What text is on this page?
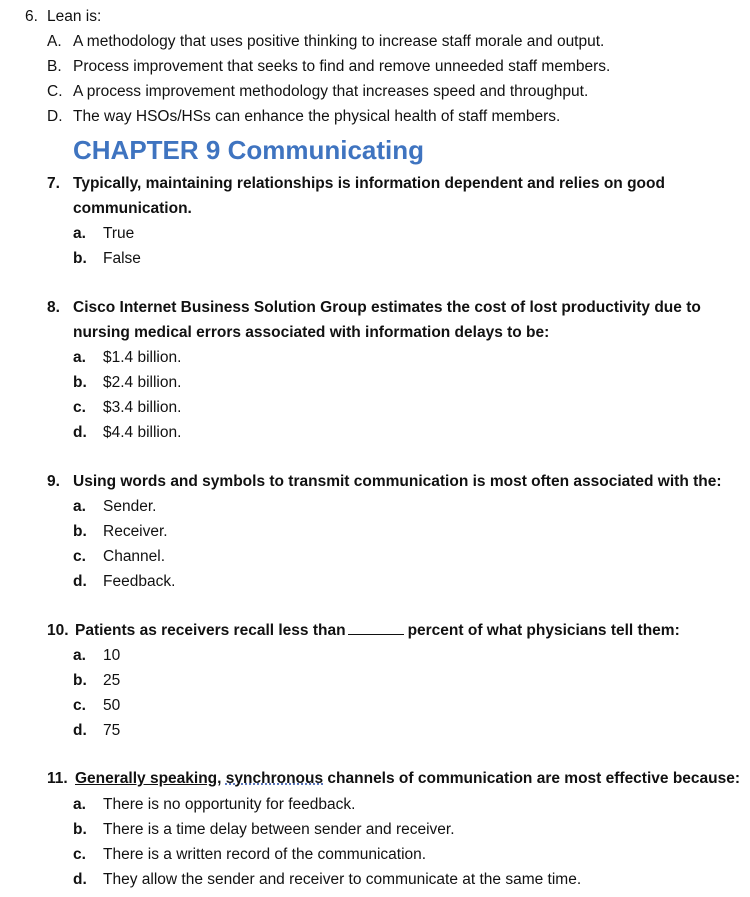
6. Lean is:
A. A methodology that uses positive thinking to increase staff morale and output.
B. Process improvement that seeks to find and remove unneeded staff members.
C. A process improvement methodology that increases speed and throughput.
D. The way HSOs/HSs can enhance the physical health of staff members.
CHAPTER 9 Communicating
7. Typically, maintaining relationships is information dependent and relies on good
communication.
a. True
b. False
8. Cisco Internet Business Solution Group estimates the cost of lost productivity due to
nursing medical errors associated with information delays to be:
a. $1.4 billion.
b. $2.4 billion.
c. $3.4 billion.
d. $4.4 billion.
9. Using words and symbols to transmit communication is most often associated with the:
a. Sender.
b. Receiver.
c. Channel.
d. Feedback.
10. Patients as receivers recall less than	percent of what physicians tell them:
a. 10
b. 25
c. 50
d. 75
11. Generally speaking, synchronous channels of communication are most effective because:
a. There is no opportunity for feedback.
b. There is a time delay between sender and receiver.
c. There is a written record of the communication.
d. They allow the sender and receiver to communicate at the same time.
